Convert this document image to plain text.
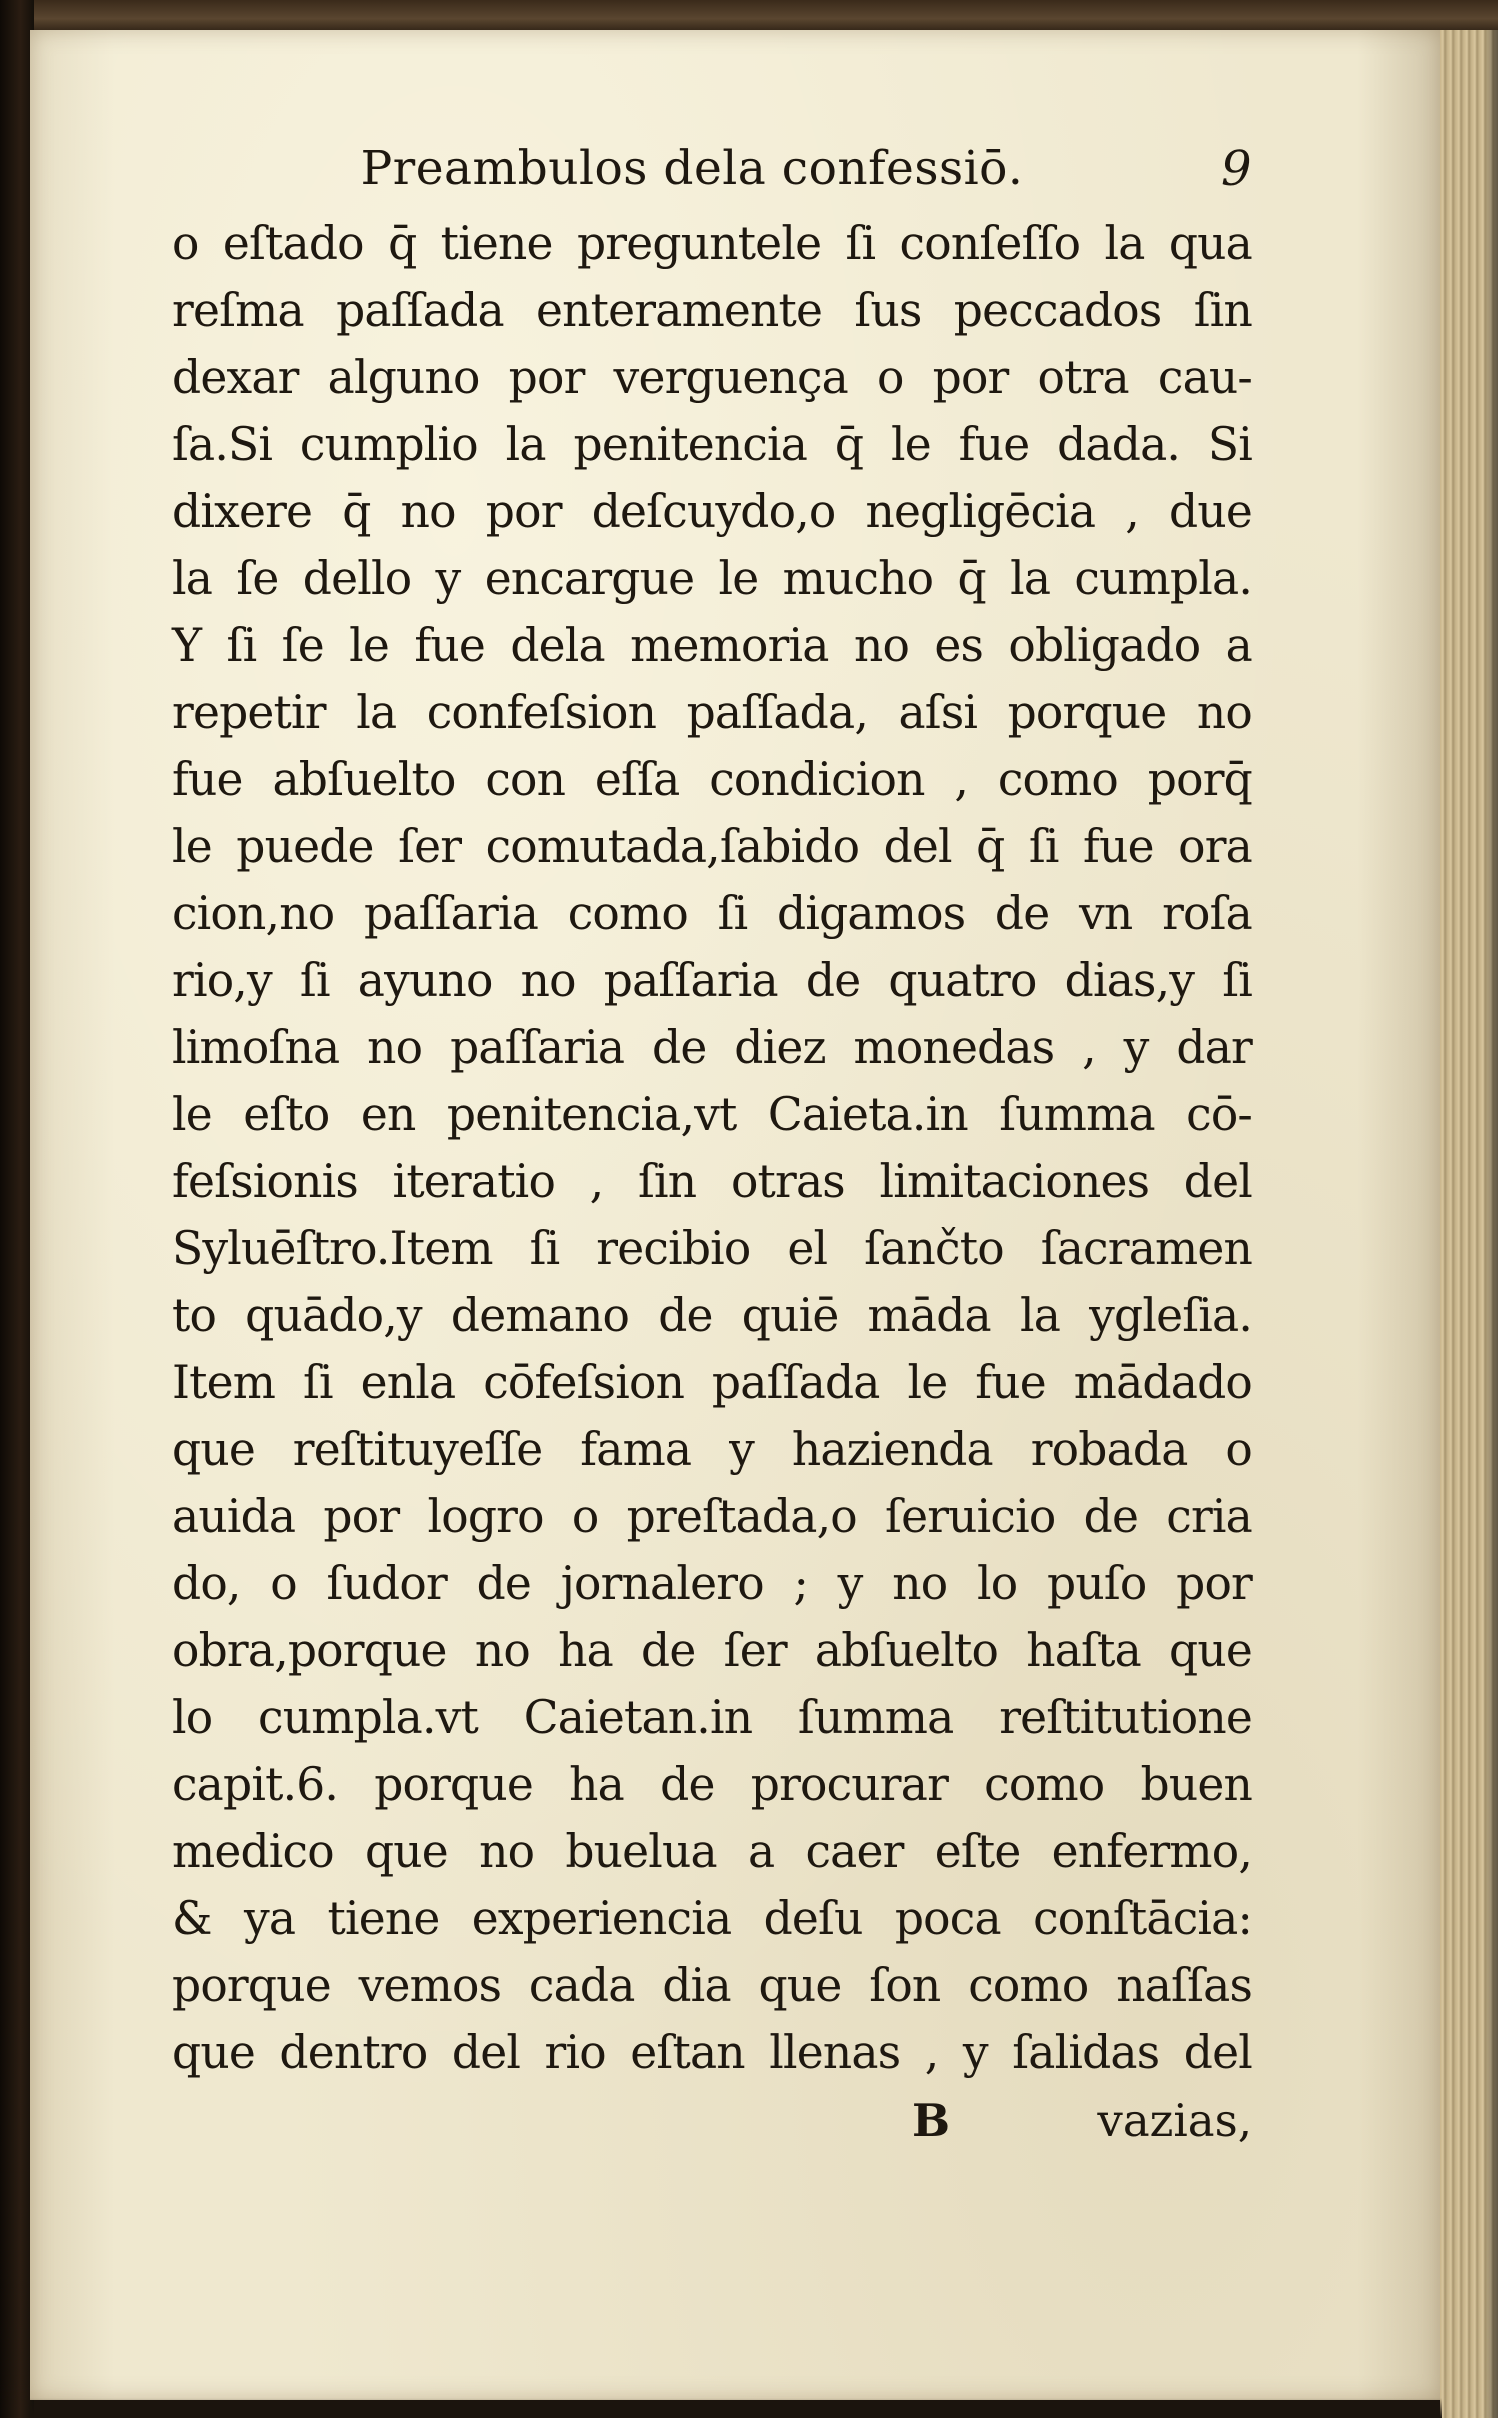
Preambulos dela confessiō.	9
o eſtado q̄ tiene preguntele ſi conſeſſo la qua
reſma paſſada enteramente ſus peccados ſin
dexar alguno por verguença o por otra cau-
ſa.Si cumplio la penitencia q̄ le fue dada. Si
dixere q̄ no por deſcuydo,o negligēcia , due
la ſe dello y encargue le mucho q̄ la cumpla.
Y ſi ſe le fue dela memoria no es obligado a
repetir la confeſsion paſſada, aſsi porque no
fue abſuelto con eſſa condicion , como porq̄
le puede ſer comutada,ſabido del q̄ ſi fue ora
cion,no paſſaria como ſi digamos de vn roſa
rio,y ſi ayuno no paſſaria de quatro dias,y ſi
limoſna no paſſaria de diez monedas , y dar
le eſto en penitencia,vt Caieta.in ſumma cō-
feſsionis iteratio , ſin otras limitaciones del
Syluēſtro.Item ſi recibio el ſančto ſacramen
to quādo,y demano de quiē māda la ygleſia.
Item ſi enla cōfeſsion paſſada le fue mādado
que reſtituyeſſe fama y hazienda robada o
auida por logro o preſtada,o ſeruicio de cria
do, o ſudor de jornalero ; y no lo puſo por
obra,porque no ha de ſer abſuelto haſta que
lo cumpla.vt Caietan.in ſumma reſtitutione
capit.6. porque ha de procurar como buen
medico que no buelua a caer eſte enfermo,
& ya tiene experiencia deſu poca conſtācia:
porque vemos cada dia que ſon como naſſas
que dentro del rio eſtan llenas , y ſalidas del
B	vazias,
